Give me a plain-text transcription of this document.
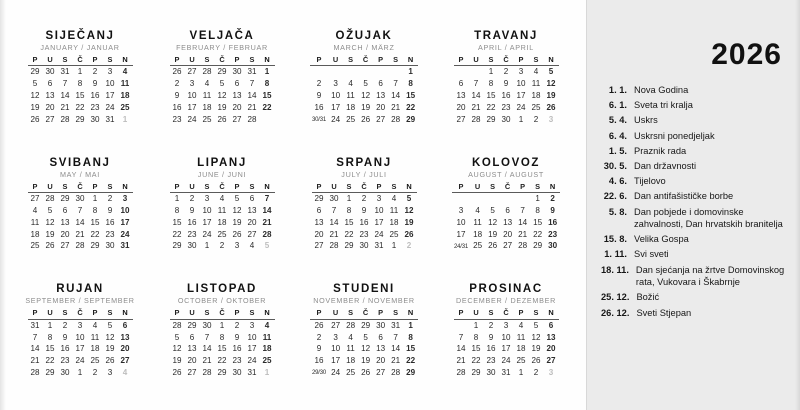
SIJEČANJ
JANUARY / JANUAR
P	U	S	Č	P	S	N
29	30	31	1	2	3	4
5	6	7	8	9	10	11
12	13	14	15	16	17	18
19	20	21	22	23	24	25
26	27	28	29	30	31	1
VELJAČA
FEBRUARY / FEBRUAR
P	U	S	Č	P	S	N
26	27	28	29	30	31	1
2	3	4	5	6	7	8
9	10	11	12	13	14	15
16	17	18	19	20	21	22
23	24	25	26	27	28	
OŽUJAK
MARCH / MÄRZ
P	U	S	Č	P	S	N
						1
2	3	4	5	6	7	8
9	10	11	12	13	14	15
16	17	18	19	20	21	22
30/31	24	25	26	27	28	29
TRAVANJ
APRIL / APRIL
P	U	S	Č	P	S	N
		1	2	3	4	5
6	7	8	9	10	11	12
13	14	15	16	17	18	19
20	21	22	23	24	25	26
27	28	29	30	1	2	3
SVIBANJ
MAY / MAI
P	U	S	Č	P	S	N
27	28	29	30	1	2	3
4	5	6	7	8	9	10
11	12	13	14	15	16	17
18	19	20	21	22	23	24
25	26	27	28	29	30	31
LIPANJ
JUNE / JUNI
P	U	S	Č	P	S	N
1	2	3	4	5	6	7
8	9	10	11	12	13	14
15	16	17	18	19	20	21
22	23	24	25	26	27	28
29	30	1	2	3	4	5
SRPANJ
JULY / JULI
P	U	S	Č	P	S	N
29	30	1	2	3	4	5
6	7	8	9	10	11	12
13	14	15	16	17	18	19
20	21	22	23	24	25	26
27	28	29	30	31	1	2
KOLOVOZ
AUGUST / AUGUST
P	U	S	Č	P	S	N
					1	2
3	4	5	6	7	8	9
10	11	12	13	14	15	16
17	18	19	20	21	22	23
24/31	25	26	27	28	29	30
RUJAN
SEPTEMBER / SEPTEMBER
P	U	S	Č	P	S	N
31	1	2	3	4	5	6
7	8	9	10	11	12	13
14	15	16	17	18	19	20
21	22	23	24	25	26	27
28	29	30	1	2	3	4
LISTOPAD
OCTOBER / OKTOBER
P	U	S	Č	P	S	N
28	29	30	1	2	3	4
5	6	7	8	9	10	11
12	13	14	15	16	17	18
19	20	21	22	23	24	25
26	27	28	29	30	31	1
STUDENI
NOVEMBER / NOVEMBER
P	U	S	Č	P	S	N
26	27	28	29	30	31	1
2	3	4	5	6	7	8
9	10	11	12	13	14	15
16	17	18	19	20	21	22
29/30	24	25	26	27	28	29
PROSINAC
DECEMBER / DEZEMBER
P	U	S	Č	P	S	N
	1	2	3	4	5	6
7	8	9	10	11	12	13
14	15	16	17	18	19	20
21	22	23	24	25	26	27
28	29	30	31	1	2	3
2026
1. 1. Nova Godina
6. 1. Sveta tri kralja
5. 4. Uskrs
6. 4. Uskrsni ponedjeljak
1. 5. Praznik rada
30. 5. Dan državnosti
4. 6. Tijelovo
22. 6. Dan antifašističke borbe
5. 8. Dan pobjede i domovinske zahvalnosti, Dan hrvatskih branitelja
15. 8. Velika Gospa
1. 11. Svi sveti
18. 11. Dan sjećanja na žrtve Domovinskog rata, Vukovara i Škabrnje
25. 12. Božić
26. 12. Sveti Stjepan
